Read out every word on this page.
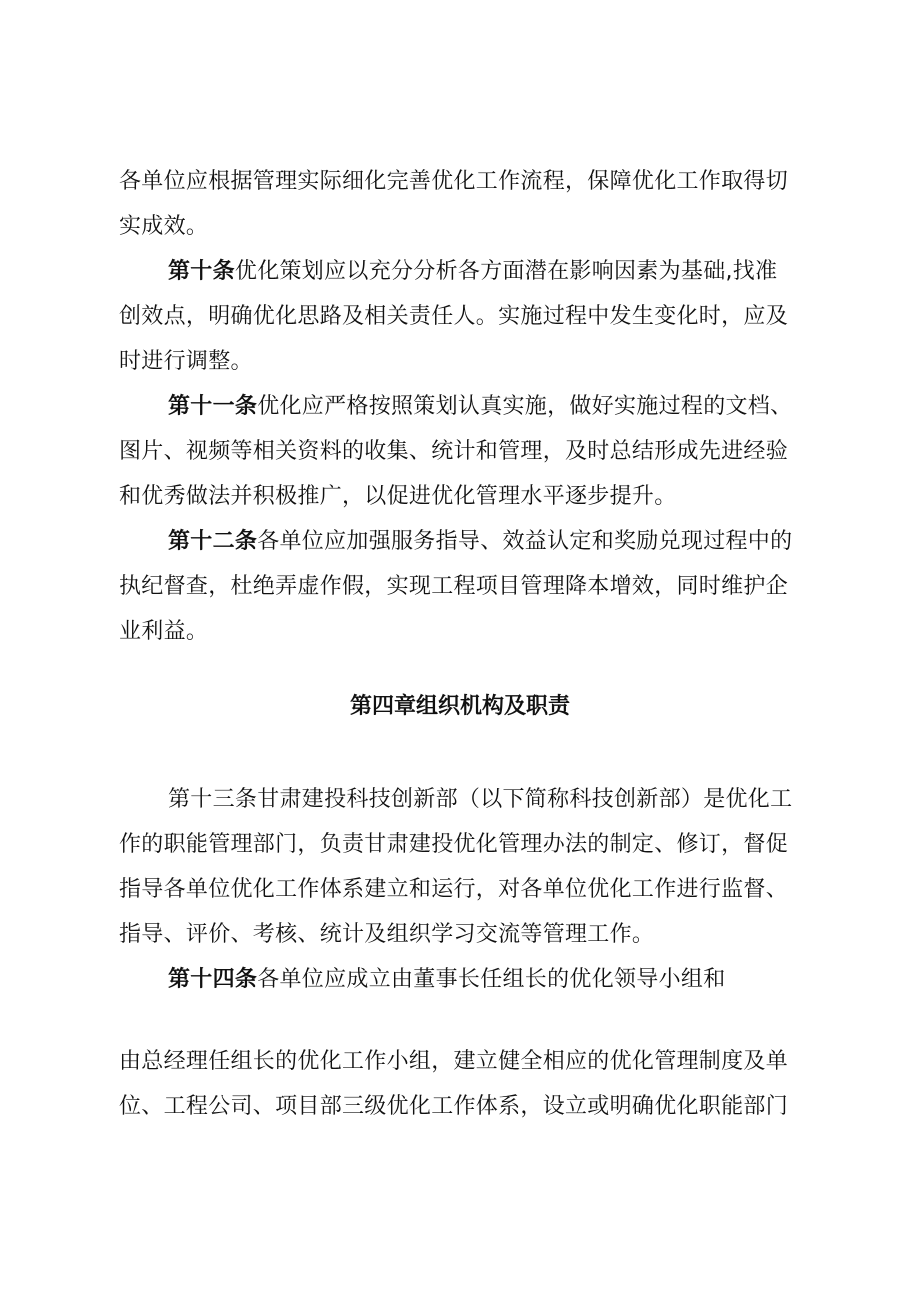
各单位应根据管理实际细化完善优化工作流程，保障优化工作取得切
实成效。
第十条优化策划应以充分分析各方面潜在影响因素为基础,找准
创效点，明确优化思路及相关责任人。实施过程中发生变化时，应及
时进行调整。
第十一条优化应严格按照策划认真实施，做好实施过程的文档、
图片、视频等相关资料的收集、统计和管理，及时总结形成先进经验
和优秀做法并积极推广，以促进优化管理水平逐步提升。
第十二条各单位应加强服务指导、效益认定和奖励兑现过程中的
执纪督查，杜绝弄虚作假，实现工程项目管理降本增效，同时维护企
业利益。
第四章组织机构及职责
第十三条甘肃建投科技创新部（以下简称科技创新部）是优化工
作的职能管理部门，负责甘肃建投优化管理办法的制定、修订，督促
指导各单位优化工作体系建立和运行，对各单位优化工作进行监督、
指导、评价、考核、统计及组织学习交流等管理工作。
第十四条各单位应成立由董事长任组长的优化领导小组和
由总经理任组长的优化工作小组，建立健全相应的优化管理制度及单
位、工程公司、项目部三级优化工作体系，设立或明确优化职能部门
